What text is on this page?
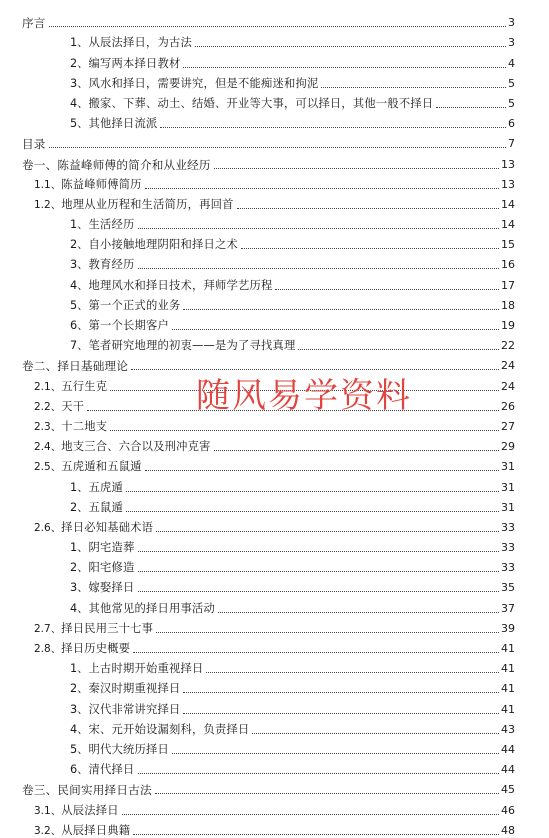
序言	3
1、 从辰法择日，为古法	3
2、 编写两本择日教材	4
3、 风水和择日，需要讲究，但是不能痴迷和拘泥	5
4、 搬家、下葬、动土、结婚、开业等大事，可以择日，其他一般不择日	5
5、 其他择日流派	6
目录	7
卷一、陈益峰师傅的简介和从业经历	13
1.1、 陈益峰师傅简历	13
1.2、 地理从业历程和生活简历，再回首	14
1、 生活经历	14
2、 自小接触地理阴阳和择日之术	15
3、 教育经历	16
4、 地理风水和择日技术，拜师学艺历程	17
5、 第一个正式的业务	18
6、 第一个长期客户	19
7、 笔者研究地理的初衷——是为了寻找真理	22
卷二、择日基础理论	24
2.1、 五行生克	24
2.2、 天干	26
2.3、 十二地支	27
2.4、 地支三合、六合以及刑冲克害	29
2.5、 五虎遁和五鼠遁	31
1、 五虎遁	31
2、 五鼠遁	31
2.6、 择日必知基础术语	33
1、 阴宅造葬	33
2、 阳宅修造	33
3、 嫁娶择日	35
4、 其他常见的择日用事活动	37
2.7、 择日民用三十七事	39
2.8、 择日历史概要	41
1、 上古时期开始重视择日	41
2、 秦汉时期重视择日	41
3、 汉代非常讲究择日	41
4、 宋、元开始设漏刻科，负责择日	43
5、 明代大统历择日	44
6、 清代择日	44
卷三、民间实用择日古法	45
3.1、 从辰法择日	46
3.2、 从辰择日典籍	48
随风易学资料
